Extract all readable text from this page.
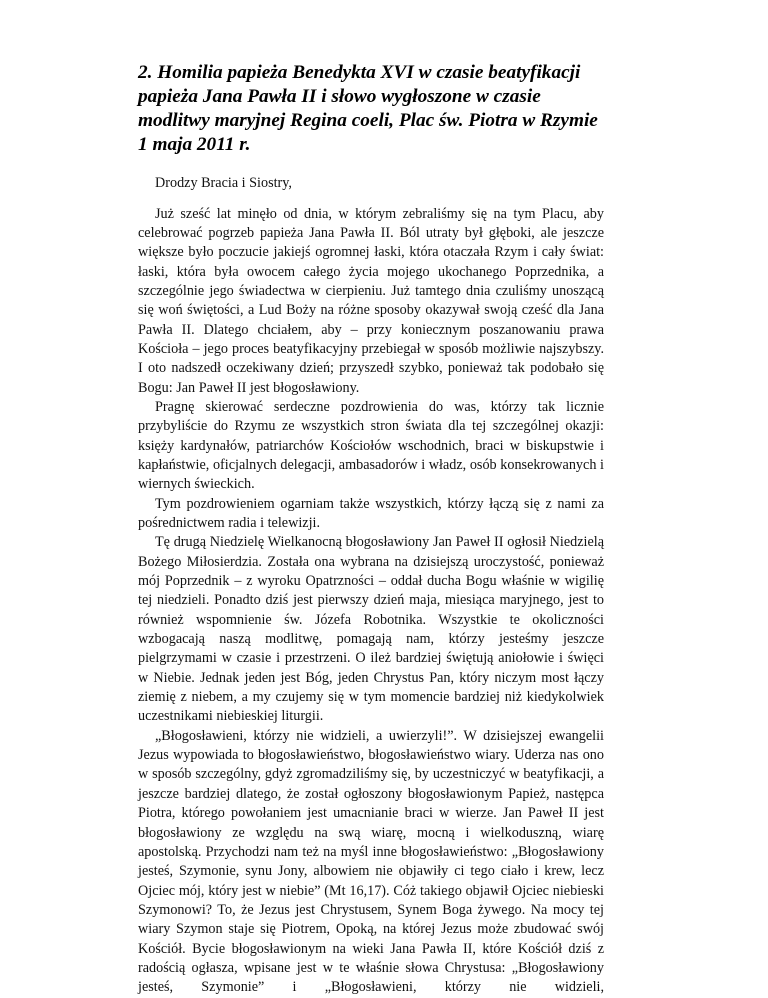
2. Homilia papieża Benedykta XVI w czasie beatyfikacji papieża Jana Pawła II i słowo wygłoszone w czasie modlitwy maryjnej Regina coeli, Plac św. Piotra w Rzymie 1 maja 2011 r.

Drodzy Bracia i Siostry,

Już sześć lat minęło od dnia, w którym zebraliśmy się na tym Placu, aby celebrować pogrzeb papieża Jana Pawła II. Ból utraty był głęboki, ale jeszcze większe było poczucie jakiejś ogromnej łaski, która otaczała Rzym i cały świat: łaski, która była owocem całego życia mojego ukochanego Poprzednika, a szczególnie jego świadectwa w cierpieniu. Już tamtego dnia czuliśmy unoszącą się woń świętości, a Lud Boży na różne sposoby okazywał swoją cześć dla Jana Pawła II. Dlatego chciałem, aby – przy koniecznym poszanowaniu prawa Kościoła – jego proces beatyfikacyjny przebiegał w sposób możliwie najszybszy. I oto nadszedł oczekiwany dzień; przyszedł szybko, ponieważ tak podobało się Bogu: Jan Paweł II jest błogosławiony.

Pragnę skierować serdeczne pozdrowienia do was, którzy tak licznie przybyliście do Rzymu ze wszystkich stron świata dla tej szczególnej okazji: księży kardynałów, patriarchów Kościołów wschodnich, braci w biskupstwie i kapłaństwie, oficjalnych delegacji, ambasadorów i władz, osób konsekrowanych i wiernych świeckich.

Tym pozdrowieniem ogarniam także wszystkich, którzy łączą się z nami za pośrednictwem radia i telewizji.

Tę drugą Niedzielę Wielkanocną błogosławiony Jan Paweł II ogłosił Niedzielą Bożego Miłosierdzia. Została ona wybrana na dzisiejszą uroczystość, ponieważ mój Poprzednik – z wyroku Opatrzności – oddał ducha Bogu właśnie w wigilię tej niedzieli. Ponadto dziś jest pierwszy dzień maja, miesiąca maryjnego, jest to również wspomnienie św. Józefa Robotnika. Wszystkie te okoliczności wzbogacają naszą modlitwę, pomagają nam, którzy jesteśmy jeszcze pielgrzymami w czasie i przestrzeni. O ileż bardziej świętują aniołowie i święci w Niebie. Jednak jeden jest Bóg, jeden Chrystus Pan, który niczym most łączy ziemię z niebem, a my czujemy się w tym momencie bardziej niż kiedykolwiek uczestnikami niebieskiej liturgii.

„Błogosławieni, którzy nie widzieli, a uwierzyli!”. W dzisiejszej ewangelii Jezus wypowiada to błogosławieństwo, błogosławieństwo wiary. Uderza nas ono w sposób szczególny, gdyż zgromadziliśmy się, by uczestniczyć w beatyfikacji, a jeszcze bardziej dlatego, że został ogłoszony błogosławionym Papież, następca Piotra, którego powołaniem jest umacnianie braci w wierze. Jan Paweł II jest błogosławiony ze względu na swą wiarę, mocną i wielkoduszną, wiarę apostolską. Przychodzi nam też na myśl inne błogosławieństwo: „Błogosławiony jesteś, Szymonie, synu Jony, albowiem nie objawiły ci tego ciało i krew, lecz Ojciec mój, który jest w niebie” (Mt 16,17). Cóż takiego objawił Ojciec niebieski Szymonowi? To, że Jezus jest Chrystusem, Synem Boga żywego. Na mocy tej wiary Szymon staje się Piotrem, Opoką, na której Jezus może zbudować swój Kościół. Bycie błogosławionym na wieki Jana Pawła II, które Kościół dziś z radością ogłasza, wpisane jest w te właśnie słowa Chrystusa: „Błogosławiony jesteś, Szymonie” i „Błogosławieni, którzy nie widzieli,
